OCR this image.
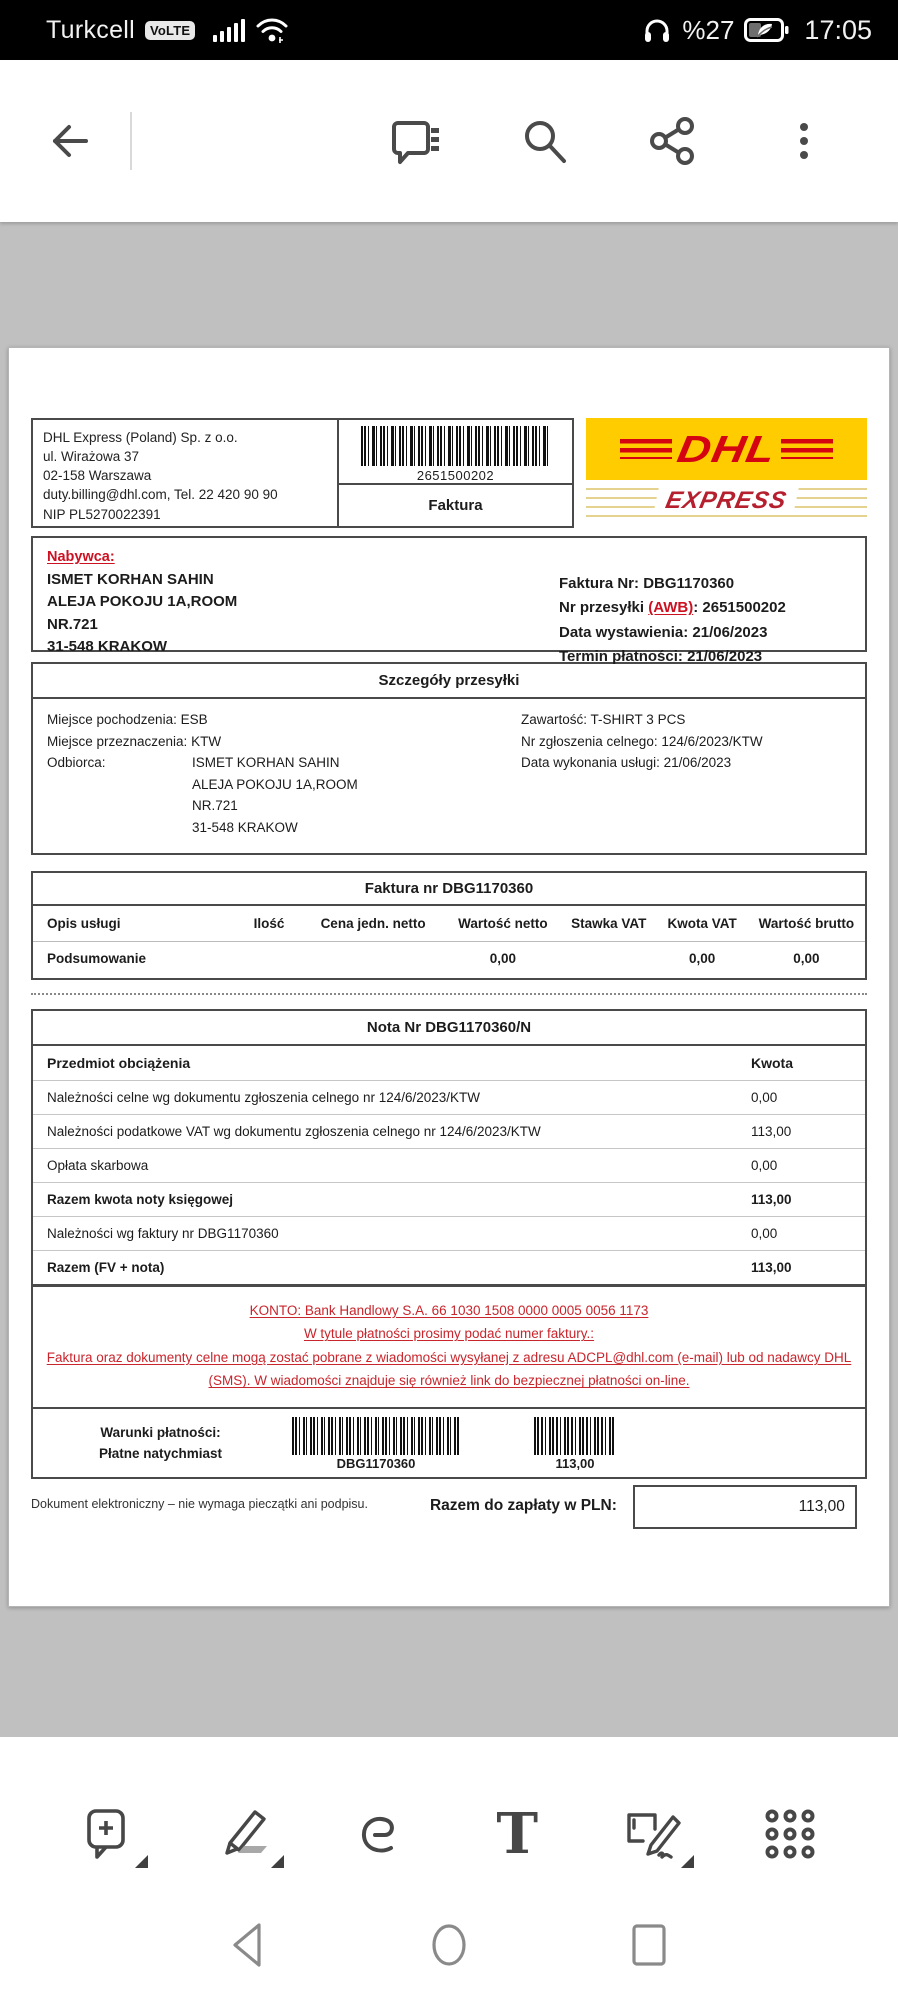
Turkcell	VoLTE	%27	17:05
DHL Express (Poland) Sp. z o.o.
ul. Wirażowa 37
02-158 Warszawa
duty.billing@dhl.com, Tel. 22 420 90 90
NIP PL5270022391
2651500202
Faktura
DHL
EXPRESS
Nabywca:
ISMET KORHAN SAHIN
ALEJA POKOJU 1A,ROOM
NR.721
31-548 KRAKOW
Faktura Nr: DBG1170360
Nr przesyłki (AWB): 2651500202
Data wystawienia: 21/06/2023
Termin płatności: 21/06/2023
Szczegóły przesyłki
Miejsce pochodzenia: ESB
Miejsce przeznaczenia: KTW
Odbiorca:	ISMET KORHAN SAHIN
ALEJA POKOJU 1A,ROOM
NR.721
31-548 KRAKOW
Zawartość: T-SHIRT 3 PCS
Nr zgłoszenia celnego: 124/6/2023/KTW
Data wykonania usługi: 21/06/2023
Faktura nr DBG1170360
Opis usługi	Ilość	Cena jedn. netto	Wartość netto	Stawka VAT	Kwota VAT	Wartość brutto
Podsumowanie			0,00		0,00	0,00
Nota Nr DBG1170360/N
Przedmiot obciążenia	Kwota
Należności celne wg dokumentu zgłoszenia celnego nr 124/6/2023/KTW	0,00
Należności podatkowe VAT wg dokumentu zgłoszenia celnego nr 124/6/2023/KTW	113,00
Opłata skarbowa	0,00
Razem kwota noty księgowej	113,00
Należności wg faktury nr DBG1170360	0,00
Razem (FV + nota)	113,00
KONTO: Bank Handlowy S.A. 66 1030 1508 0000 0005 0056 1173
W tytule płatności prosimy podać numer faktury.:
Faktura oraz dokumenty celne mogą zostać pobrane z wiadomości wysyłanej z adresu ADCPL@dhl.com (e-mail) lub od nadawcy DHL (SMS). W wiadomości znajduje się również link do bezpiecznej płatności on-line.
Warunki płatności:
Płatne natychmiast
DBG1170360	113,00
Dokument elektroniczny – nie wymaga pieczątki ani podpisu.	Razem do zapłaty w PLN:	113,00
T
